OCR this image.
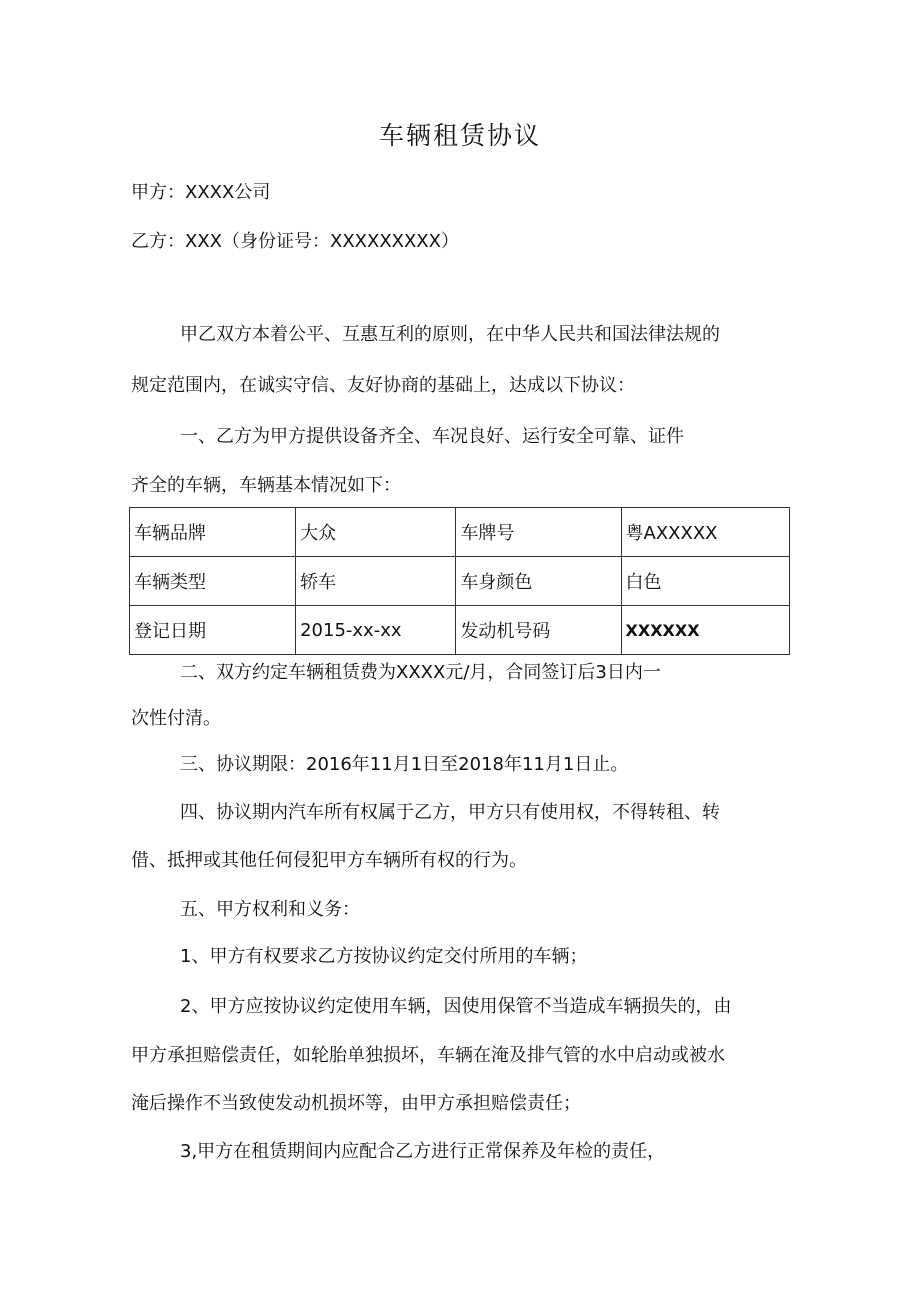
车辆租赁协议
甲方：XXXX公司
乙方：XXX（身份证号：XXXXXXXXX）
甲乙双方本着公平、互惠互利的原则，在中华人民共和国法律法规的
规定范围内，在诚实守信、友好协商的基础上，达成以下协议：
一、乙方为甲方提供设备齐全、车况良好、运行安全可靠、证件
齐全的车辆，车辆基本情况如下：
车辆品牌	大众	车牌号	粤AXXXXX
车辆类型	轿车	车身颜色	白色
登记日期	2015-xx-xx	发动机号码	XXXXXX
二、双方约定车辆租赁费为XXXX元/月，合同签订后3日内一
次性付清。
三、协议期限：2016年11月1日至2018年11月1日止。
四、协议期内汽车所有权属于乙方，甲方只有使用权，不得转租、转
借、抵押或其他任何侵犯甲方车辆所有权的行为。
五、甲方权利和义务：
1、甲方有权要求乙方按协议约定交付所用的车辆；
2、甲方应按协议约定使用车辆，因使用保管不当造成车辆损失的，由
甲方承担赔偿责任，如轮胎单独损坏，车辆在淹及排气管的水中启动或被水
淹后操作不当致使发动机损坏等，由甲方承担赔偿责任；
3,甲方在租赁期间内应配合乙方进行正常保养及年检的责任，
